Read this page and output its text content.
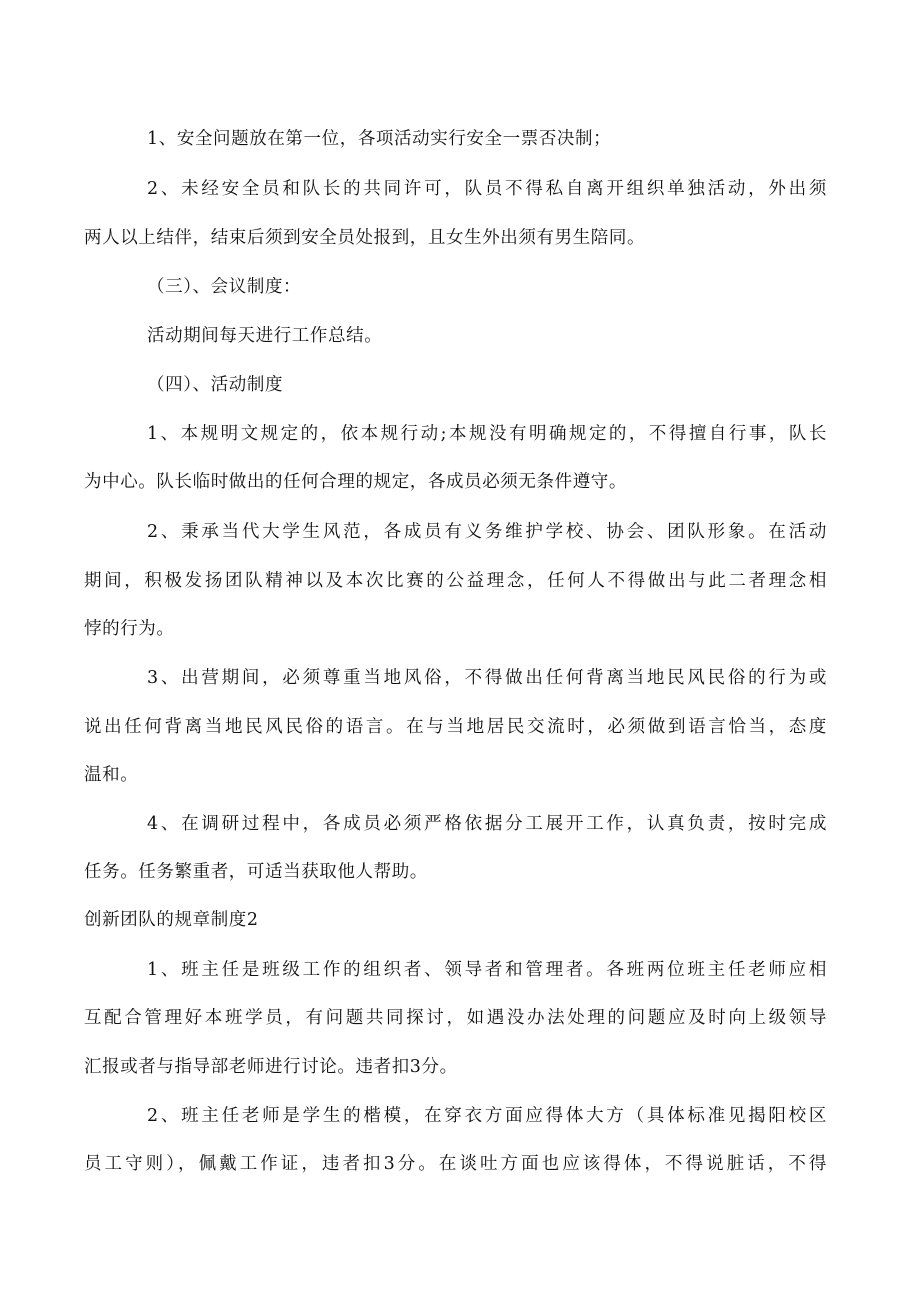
1、安全问题放在第一位，各项活动实行安全一票否决制；

2、未经安全员和队长的共同许可，队员不得私自离开组织单独活动，外出须

两人以上结伴，结束后须到安全员处报到，且女生外出须有男生陪同。

（三）、会议制度：

活动期间每天进行工作总结。

（四）、活动制度

1、本规明文规定的，依本规行动;本规没有明确规定的，不得擅自行事，队长

为中心。队长临时做出的任何合理的规定，各成员必须无条件遵守。

2、秉承当代大学生风范，各成员有义务维护学校、协会、团队形象。在活动

期间，积极发扬团队精神以及本次比赛的公益理念，任何人不得做出与此二者理念相

悖的行为。

3、出营期间，必须尊重当地风俗，不得做出任何背离当地民风民俗的行为或

说出任何背离当地民风民俗的语言。在与当地居民交流时，必须做到语言恰当，态度

温和。

4、在调研过程中，各成员必须严格依据分工展开工作，认真负责，按时完成

任务。任务繁重者，可适当获取他人帮助。

创新团队的规章制度2

1、班主任是班级工作的组织者、领导者和管理者。各班两位班主任老师应相

互配合管理好本班学员，有问题共同探讨，如遇没办法处理的问题应及时向上级领导

汇报或者与指导部老师进行讨论。违者扣3分。

2、班主任老师是学生的楷模，在穿衣方面应得体大方（具体标准见揭阳校区

员工守则），佩戴工作证，违者扣3分。在谈吐方面也应该得体，不得说脏话，不得
